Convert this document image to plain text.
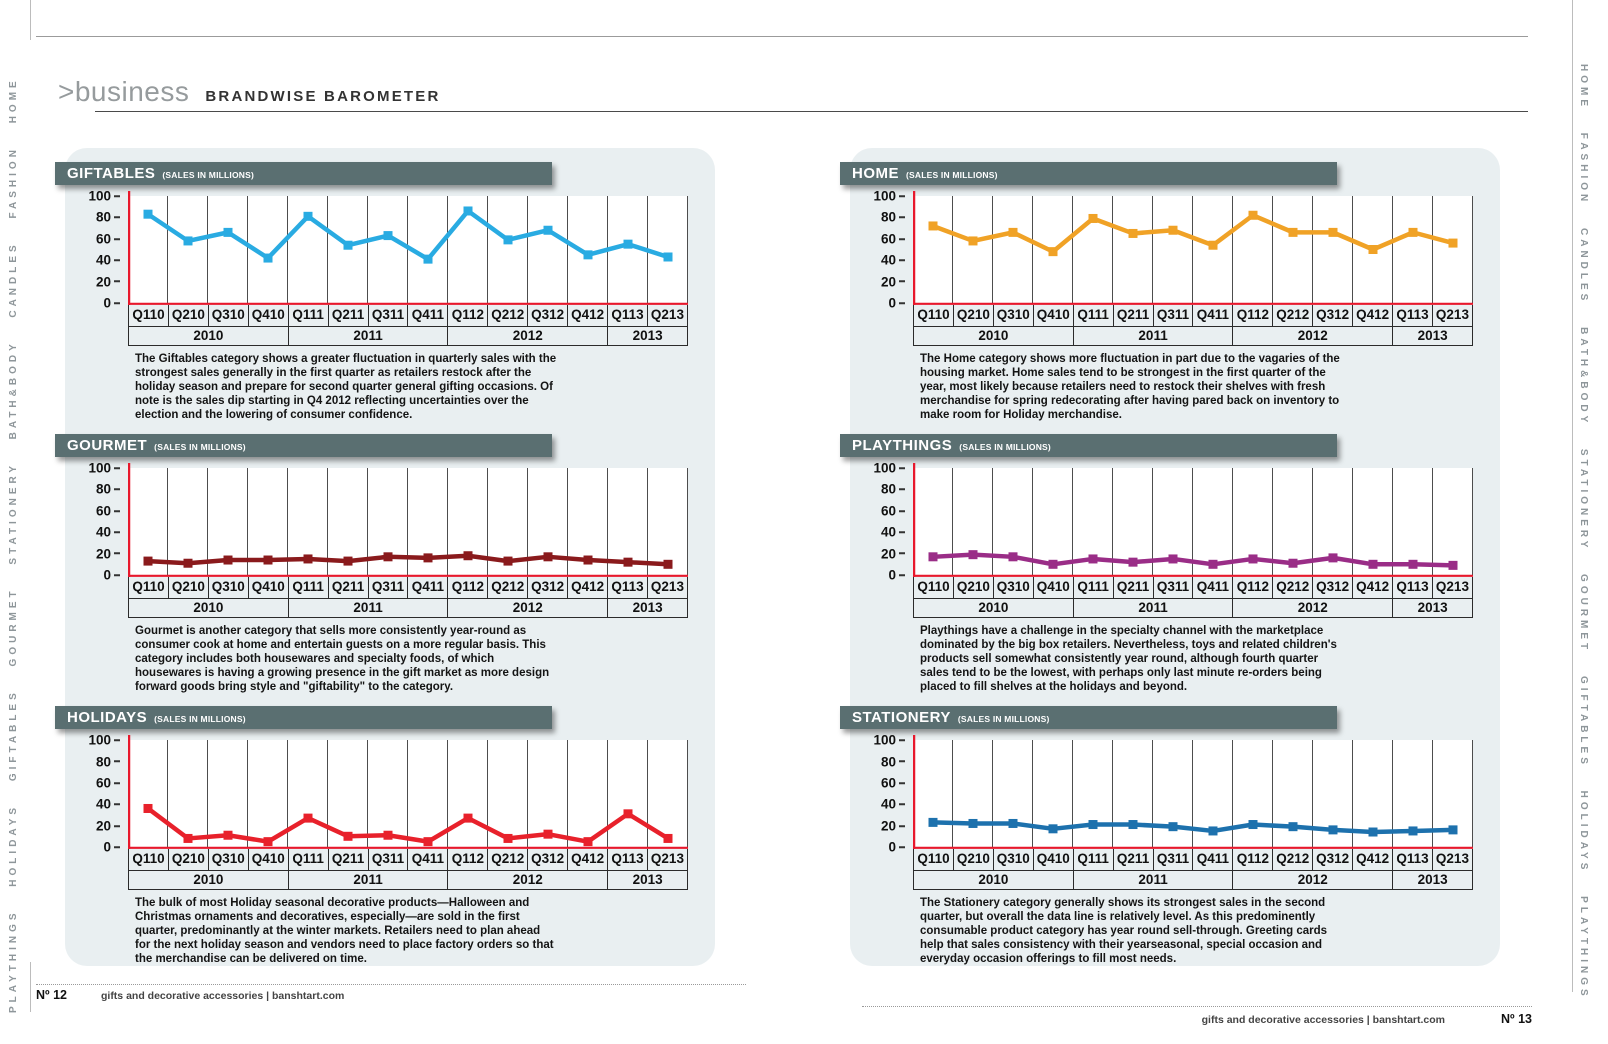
>business BRANDWISE BAROMETER
PLAYTHINGS HOLIDAYS GIFTABLES GOURMET STATIONERY BATH&BODY CANDLES FASHION HOME	HOME FASHION CANDLES BATH&BODY STATIONERY GOURMET GIFTABLES HOLIDAYS PLAYTHINGS
GIFTABLES (SALES IN MILLIONS)
100
80
60
40
20
0
Q110 Q210 Q310 Q410 Q111 Q211 Q311 Q411 Q112 Q212 Q312 Q412 Q113 Q213
2010	2011	2012	2013

The Giftables category shows a greater fluctuation in quarterly sales with the strongest sales generally in the first quarter as retailers restock after the holiday season and prepare for second quarter general gifting occasions. Of note is the sales dip starting in Q4 2012 reflecting uncertainties over the election and the lowering of consumer confidence.

GOURMET (SALES IN MILLIONS)
100
80
60
40
20
0
Q110 Q210 Q310 Q410 Q111 Q211 Q311 Q411 Q112 Q212 Q312 Q412 Q113 Q213
2010	2011	2012	2013

Gourmet is another category that sells more consistently year-round as consumer cook at home and entertain guests on a more regular basis. This category includes both housewares and specialty foods, of which housewares is having a growing presence in the gift market as more design forward goods bring style and "giftability" to the category.

HOLIDAYS (SALES IN MILLIONS)
100
80
60
40
20
0
Q110 Q210 Q310 Q410 Q111 Q211 Q311 Q411 Q112 Q212 Q312 Q412 Q113 Q213
2010	2011	2012	2013

The bulk of most Holiday seasonal decorative products—Halloween and Christmas ornaments and decoratives, especially—are sold in the first quarter, predominantly at the winter markets. Retailers need to plan ahead for the next holiday season and vendors need to place factory orders so that the merchandise can be delivered on time.

HOME (SALES IN MILLIONS)
100
80
60
40
20
0
Q110 Q210 Q310 Q410 Q111 Q211 Q311 Q411 Q112 Q212 Q312 Q412 Q113 Q213
2010	2011	2012	2013

The Home category shows more fluctuation in part due to the vagaries of the housing market. Home sales tend to be strongest in the first quarter of the year, most likely because retailers need to restock their shelves with fresh merchandise for spring redecorating after having pared back on inventory to make room for Holiday merchandise.

PLAYTHINGS (SALES IN MILLIONS)
100
80
60
40
20
0
Q110 Q210 Q310 Q410 Q111 Q211 Q311 Q411 Q112 Q212 Q312 Q412 Q113 Q213
2010	2011	2012	2013

Playthings have a challenge in the specialty channel with the marketplace dominated by the big box retailers. Nevertheless, toys and related children's products sell somewhat consistently year round, although fourth quarter sales tend to be the lowest, with perhaps only last minute re-orders being placed to fill shelves at the holidays and beyond.

STATIONERY (SALES IN MILLIONS)
100
80
60
40
20
0
Q110 Q210 Q310 Q410 Q111 Q211 Q311 Q411 Q112 Q212 Q312 Q412 Q113 Q213
2010	2011	2012	2013

The Stationery category generally shows its strongest sales in the second quarter, but overall the data line is relatively level. As this predominently consumable product category has year round sell-through. Greeting cards help that sales consistency with their yearseasonal, special occasion and everyday occasion offerings to fill most needs.

Nº 12	gifts and decorative accessories | banshtart.com
gifts and decorative accessories | banshtart.com	Nº 13
